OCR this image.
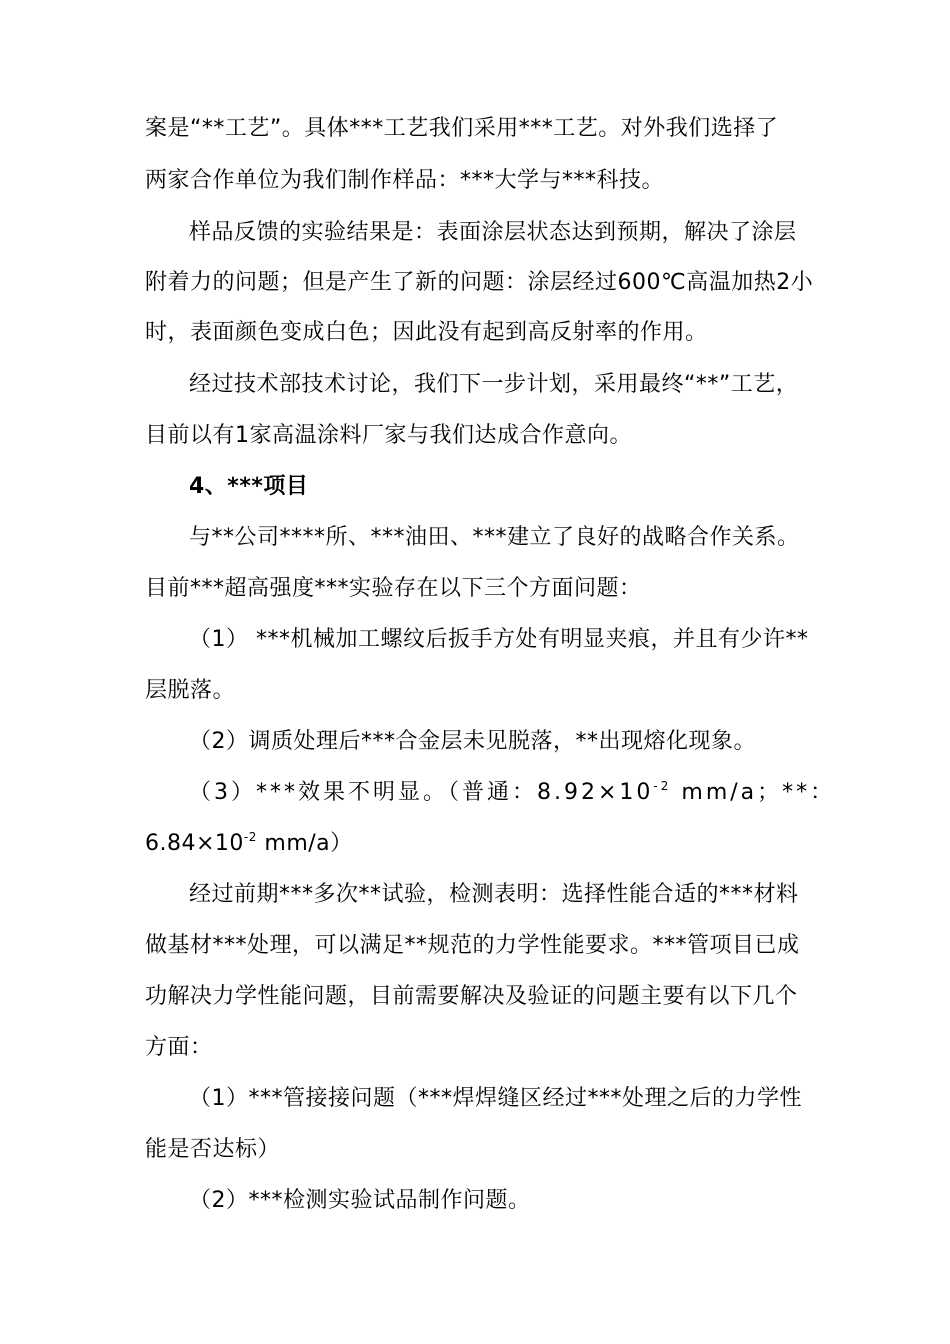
案是“**工艺”。具体***工艺我们采用***工艺。对外我们选择了
两家合作单位为我们制作样品：***大学与***科技。
样品反馈的实验结果是：表面涂层状态达到预期，解决了涂层
附着力的问题；但是产生了新的问题：涂层经过600℃高温加热2小
时，表面颜色变成白色；因此没有起到高反射率的作用。
经过技术部技术讨论，我们下一步计划，采用最终“**”工艺，
目前以有1家高温涂料厂家与我们达成合作意向。
4、***项目
与**公司****所、***油田、***建立了良好的战略合作关系。
目前***超高强度***实验存在以下三个方面问题：
（1） ***机械加工螺纹后扳手方处有明显夹痕，并且有少许**
层脱落。
（2）调质处理后***合金层未见脱落，**出现熔化现象。
（3）***效果不明显。（普通：$8.92\times 10^{-2}$ mm/a；**：
$6.84\times 10^{-2}$ mm/a）
经过前期***多次**试验，检测表明：选择性能合适的***材料
做基材***处理，可以满足**规范的力学性能要求。***管项目已成
功解决力学性能问题，目前需要解决及验证的问题主要有以下几个
方面：
（1）***管接接问题（***焊焊缝区经过***处理之后的力学性
能是否达标）
（2）***检测实验试品制作问题。
